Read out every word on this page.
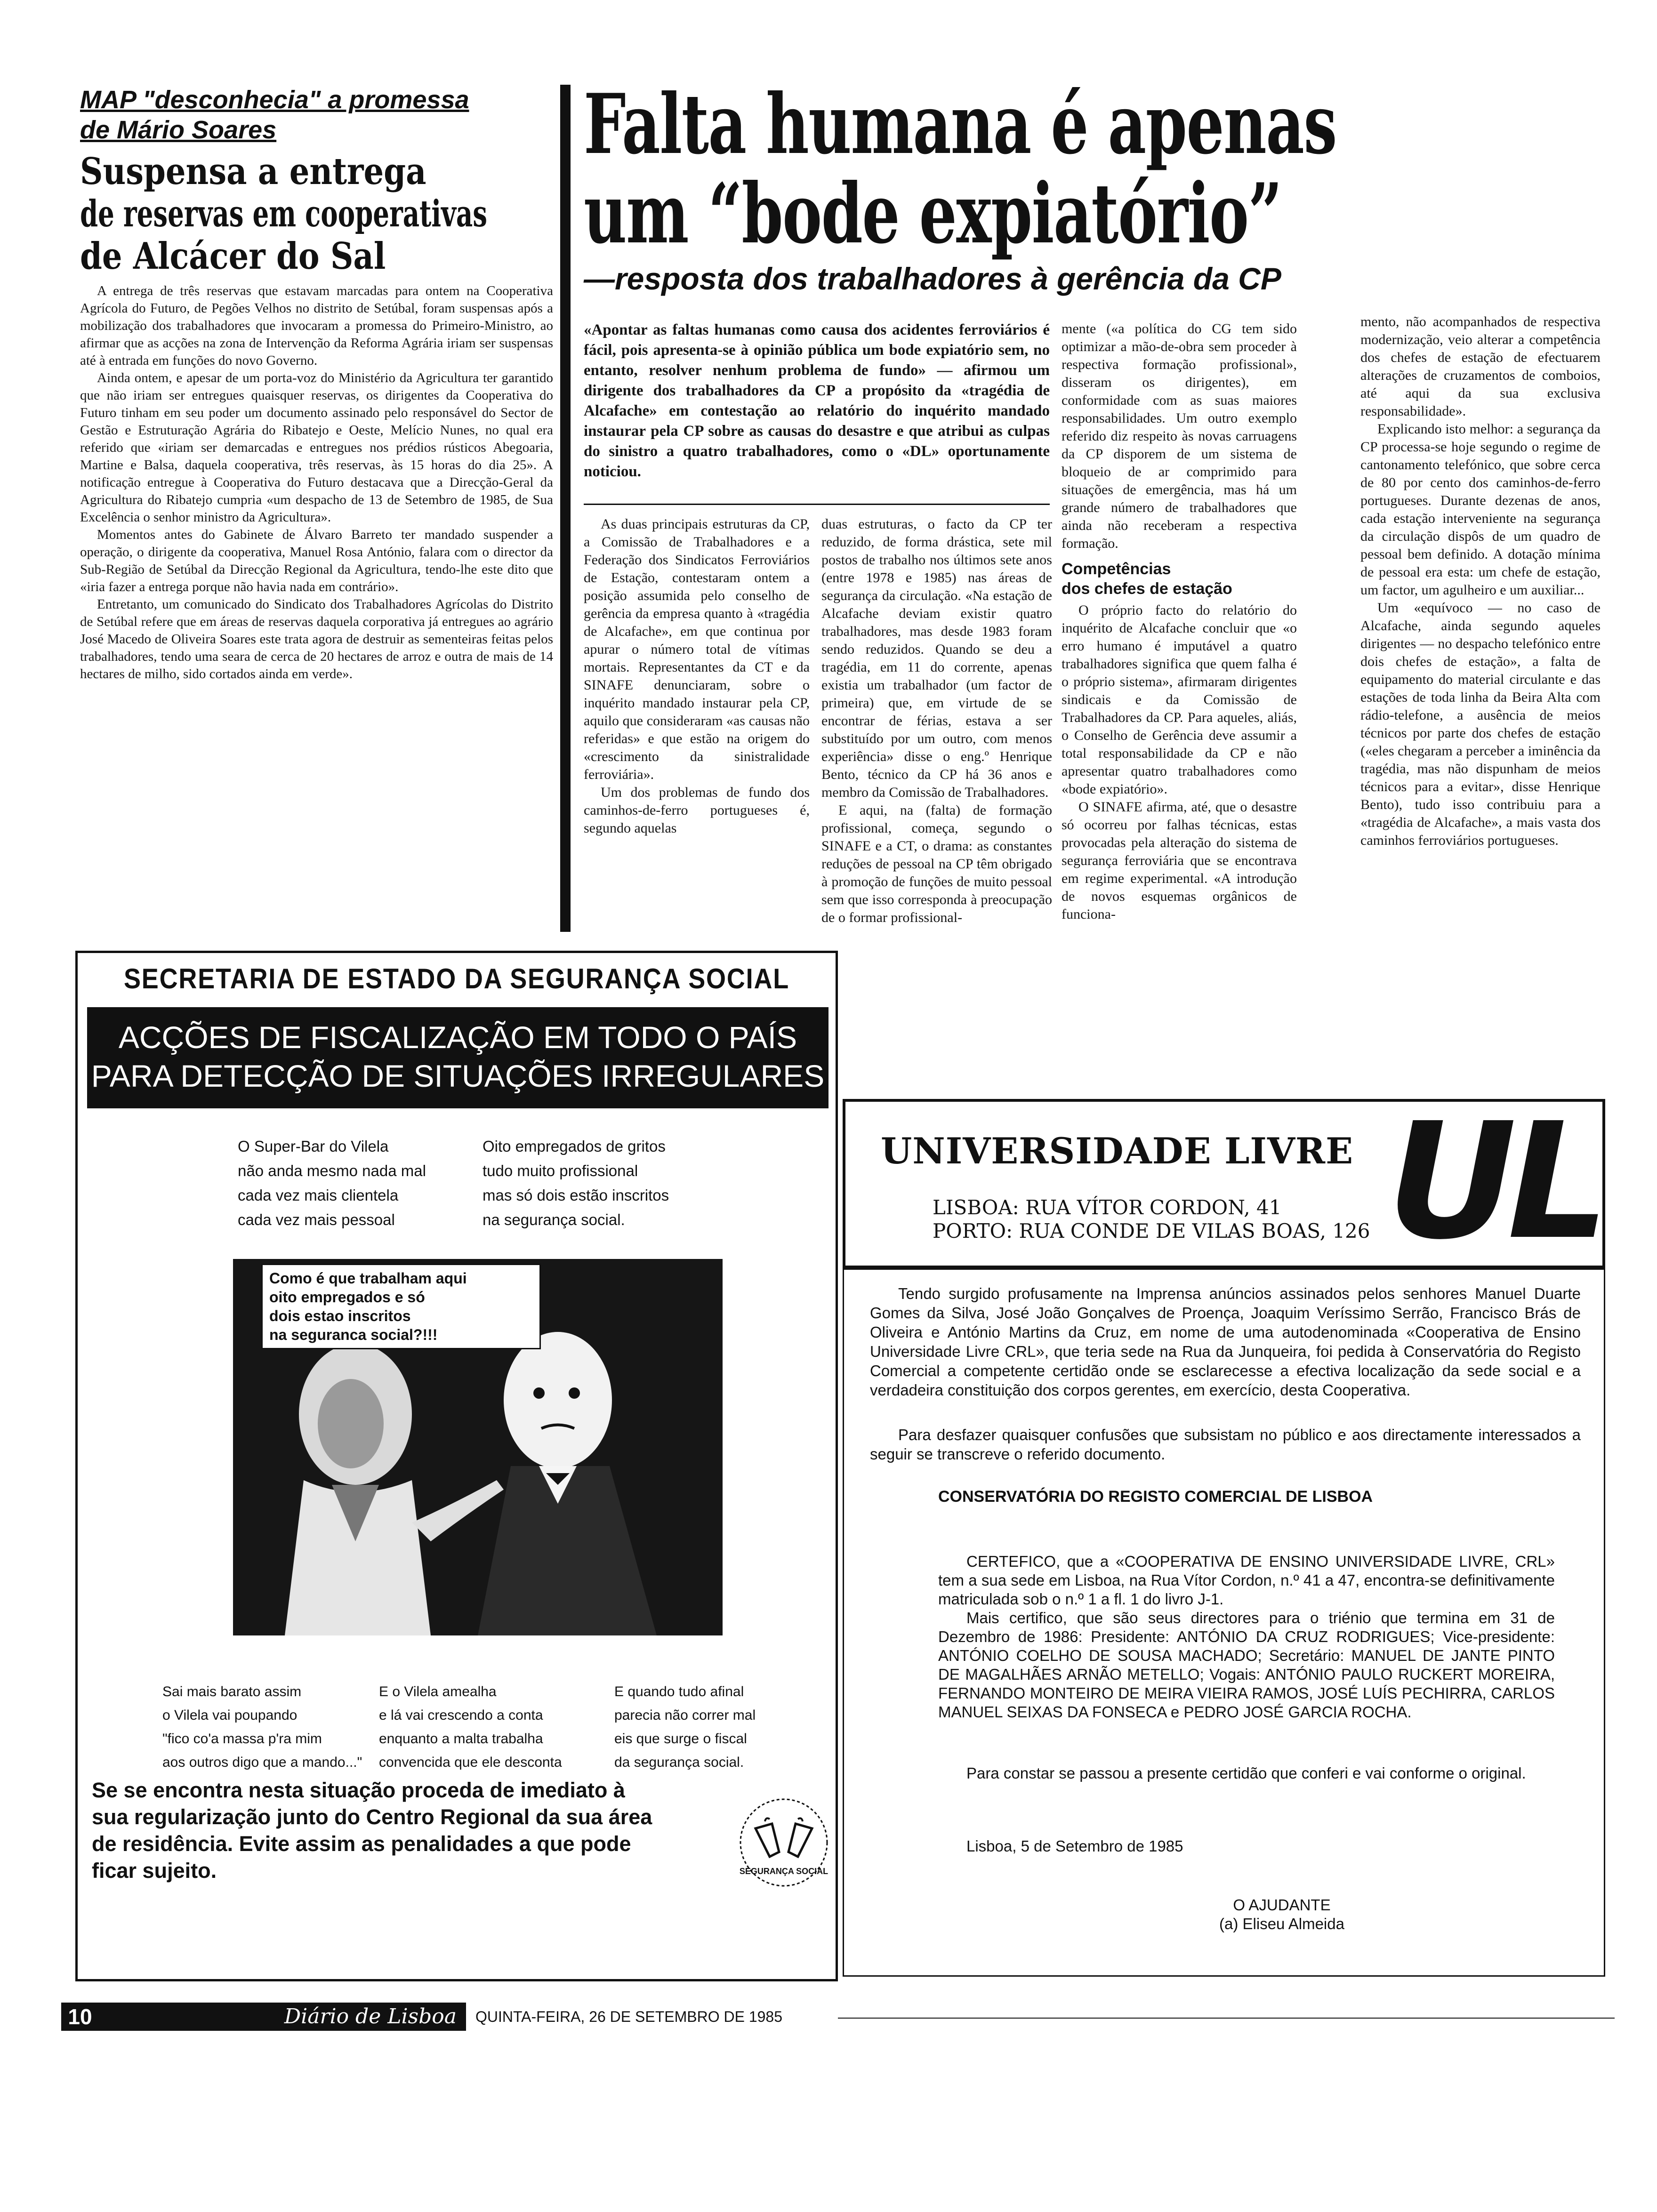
MAP "desconhecia" a promessa
de Mário Soares
Suspensa a entrega
de reservas em cooperativas
de Alcácer do Sal

A entrega de três reservas que estavam marcadas para ontem na Cooperativa Agrícola do Futuro, de Pegões Velhos no distrito de Setúbal, foram suspensas após a mobilização dos trabalhadores que invocaram a promessa do Primeiro-Ministro, ao afirmar que as acções na zona de Intervenção da Reforma Agrária iriam ser suspensas até à entrada em funções do novo Governo.

Ainda ontem, e apesar de um porta-voz do Ministério da Agricultura ter garantido que não iriam ser entregues quaisquer reservas, os dirigentes da Cooperativa do Futuro tinham em seu poder um documento assinado pelo responsável do Sector de Gestão e Estruturação Agrária do Ribatejo e Oeste, Melício Nunes, no qual era referido que «iriam ser demarcadas e entregues nos prédios rústicos Abegoaria, Martine e Balsa, daquela cooperativa, três reservas, às 15 horas do dia 25». A notificação entregue à Cooperativa do Futuro destacava que a Direcção-Geral da Agricultura do Ribatejo cumpria «um despacho de 13 de Setembro de 1985, de Sua Excelência o senhor ministro da Agricultura».

Momentos antes do Gabinete de Álvaro Barreto ter mandado suspender a operação, o dirigente da cooperativa, Manuel Rosa António, falara com o director da Sub-Região de Setúbal da Direcção Regional da Agricultura, tendo-lhe este dito que «iria fazer a entrega porque não havia nada em contrário».

Entretanto, um comunicado do Sindicato dos Trabalhadores Agrícolas do Distrito de Setúbal refere que em áreas de reservas daquela corporativa já entregues ao agrário José Macedo de Oliveira Soares este trata agora de destruir as sementeiras feitas pelos trabalhadores, tendo uma seara de cerca de 20 hectares de arroz e outra de mais de 14 hectares de milho, sido cortados ainda em verde».

Falta humana é apenas
um “bode expiatório”
—resposta dos trabalhadores à gerência da CP
«Apontar as faltas humanas como causa dos acidentes ferroviários é fácil, pois apresenta-se à opinião pública um bode expiatório sem, no entanto, resolver nenhum problema de fundo» — afirmou um dirigente dos trabalhadores da CP a propósito da «tragédia de Alcafache» em contestação ao relatório do inquérito mandado instaurar pela CP sobre as causas do desastre e que atribui as culpas do sinistro a quatro trabalhadores, como o «DL» oportunamente noticiou.

As duas principais estruturas da CP, a Comissão de Trabalhadores e a Federação dos Sindicatos Ferroviários de Estação, contestaram ontem a posição assumida pelo conselho de gerência da empresa quanto à «tragédia de Alcafache», em que continua por apurar o número total de vítimas mortais. Representantes da CT e da SINAFE denunciaram, sobre o inquérito mandado instaurar pela CP, aquilo que consideraram «as causas não referidas» e que estão na origem do «crescimento da sinistralidade ferroviária».

Um dos problemas de fundo dos caminhos-de-ferro portugueses é, segundo aquelas

duas estruturas, o facto da CP ter reduzido, de forma drástica, sete mil postos de trabalho nos últimos sete anos (entre 1978 e 1985) nas áreas de segurança da circulação. «Na estação de Alcafache deviam existir quatro trabalhadores, mas desde 1983 foram sendo reduzidos. Quando se deu a tragédia, em 11 do corrente, apenas existia um trabalhador (um factor de primeira) que, em virtude de se encontrar de férias, estava a ser substituído por um outro, com menos experiência» disse o eng.º Henrique Bento, técnico da CP há 36 anos e membro da Comissão de Trabalhadores.

E aqui, na (falta) de formação profissional, começa, segundo o SINAFE e a CT, o drama: as constantes reduções de pessoal na CP têm obrigado à promoção de funções de muito pessoal sem que isso corresponda à preocupação de o formar profissional-

mente («a política do CG tem sido optimizar a mão-de-obra sem proceder à respectiva formação profissional», disseram os dirigentes), em conformidade com as suas maiores responsabilidades. Um outro exemplo referido diz respeito às novas carruagens da CP disporem de um sistema de bloqueio de ar comprimido para situações de emergência, mas há um grande número de trabalhadores que ainda não receberam a respectiva formação.

Competências
dos chefes de estação

O próprio facto do relatório do inquérito de Alcafache concluir que «o erro humano é imputável a quatro trabalhadores significa que quem falha é o próprio sistema», afirmaram dirigentes sindicais e da Comissão de Trabalhadores da CP. Para aqueles, aliás, o Conselho de Gerência deve assumir a total responsabilidade da CP e não apresentar quatro trabalhadores como «bode expiatório».

O SINAFE afirma, até, que o desastre só ocorreu por falhas técnicas, estas provocadas pela alteração do sistema de segurança ferroviária que se encontrava em regime experimental. «A introdução de novos esquemas orgânicos de funciona-

mento, não acompanhados de respectiva modernização, veio alterar a competência dos chefes de estação de efectuarem alterações de cruzamentos de comboios, até aqui da sua exclusiva responsabilidade».

Explicando isto melhor: a segurança da CP processa-se hoje segundo o regime de cantonamento telefónico, que sobre cerca de 80 por cento dos caminhos-de-ferro portugueses. Durante dezenas de anos, cada estação interveniente na segurança da circulação dispôs de um quadro de pessoal bem definido. A dotação mínima de pessoal era esta: um chefe de estação, um factor, um agulheiro e um auxiliar...

Um «equívoco — no caso de Alcafache, ainda segundo aqueles dirigentes — no despacho telefónico entre dois chefes de estação», a falta de equipamento do material circulante e das estações de toda linha da Beira Alta com rádio-telefone, a ausência de meios técnicos por parte dos chefes de estação («eles chegaram a perceber a iminência da tragédia, mas não dispunham de meios técnicos para a evitar», disse Henrique Bento), tudo isso contribuiu para a «tragédia de Alcafache», a mais vasta dos caminhos ferroviários portugueses.

SECRETARIA DE ESTADO DA SEGURANÇA SOCIAL
ACÇÕES DE FISCALIZAÇÃO EM TODO O PAÍS
PARA DETECÇÃO DE SITUAÇÕES IRREGULARES
O Super-Bar do Vilela
não anda mesmo nada mal
cada vez mais clientela
cada vez mais pessoal
Oito empregados de gritos
tudo muito profissional
mas só dois estão inscritos
na segurança social.
Como é que trabalham aqui
oito empregados e só
dois estao inscritos
na seguranca social?!!!
Sai mais barato assim
o Vilela vai poupando
"fico co'a massa p'ra mim
aos outros digo que a mando..."
E o Vilela amealha
e lá vai crescendo a conta
enquanto a malta trabalha
convencida que ele desconta
E quando tudo afinal
parecia não correr mal
eis que surge o fiscal
da segurança social.
Se se encontra nesta situação proceda de imediato à
sua regularização junto do Centro Regional da sua área
de residência. Evite assim as penalidades a que pode
ficar sujeito.	SEGURANÇA SOCIAL
UNIVERSIDADE LIVRE
LISBOA: RUA VÍTOR CORDON, 41
PORTO: RUA CONDE DE VILAS BOAS, 126 UL
Tendo surgido profusamente na Imprensa anúncios assinados pelos senhores Manuel Duarte Gomes da Silva, José João Gonçalves de Proença, Joaquim Veríssimo Serrão, Francisco Brás de Oliveira e António Martins da Cruz, em nome de uma autodenominada «Cooperativa de Ensino Universidade Livre CRL», que teria sede na Rua da Junqueira, foi pedida à Conservatória do Registo Comercial a competente certidão onde se esclarecesse a efectiva localização da sede social e a verdadeira constituição dos corpos gerentes, em exercício, desta Cooperativa.
Para desfazer quaisquer confusões que subsistam no público e aos directamente interessados a seguir se transcreve o referido documento.
CONSERVATÓRIA DO REGISTO COMERCIAL DE LISBOA
CERTEFICO, que a «COOPERATIVA DE ENSINO UNIVERSIDADE LIVRE, CRL» tem a sua sede em Lisboa, na Rua Vítor Cordon, n.º 41 a 47, encontra-se definitivamente matriculada sob o n.º 1 a fl. 1 do livro J-1.
Mais certifico, que são seus directores para o triénio que termina em 31 de Dezembro de 1986: Presidente: ANTÓNIO DA CRUZ RODRIGUES; Vice-presidente: ANTÓNIO COELHO DE SOUSA MACHADO; Secretário: MANUEL DE JANTE PINTO DE MAGALHÃES ARNÃO METELLO; Vogais: ANTÓNIO PAULO RUCKERT MOREIRA, FERNANDO MONTEIRO DE MEIRA VIEIRA RAMOS, JOSÉ LUÍS PECHIRRA, CARLOS MANUEL SEIXAS DA FONSECA e PEDRO JOSÉ GARCIA ROCHA.
Para constar se passou a presente certidão que conferi e vai conforme o original.
Lisboa, 5 de Setembro de 1985
O AJUDANTE
(a) Eliseu Almeida
10	Diário de Lisboa	QUINTA-FEIRA, 26 DE SETEMBRO DE 1985
